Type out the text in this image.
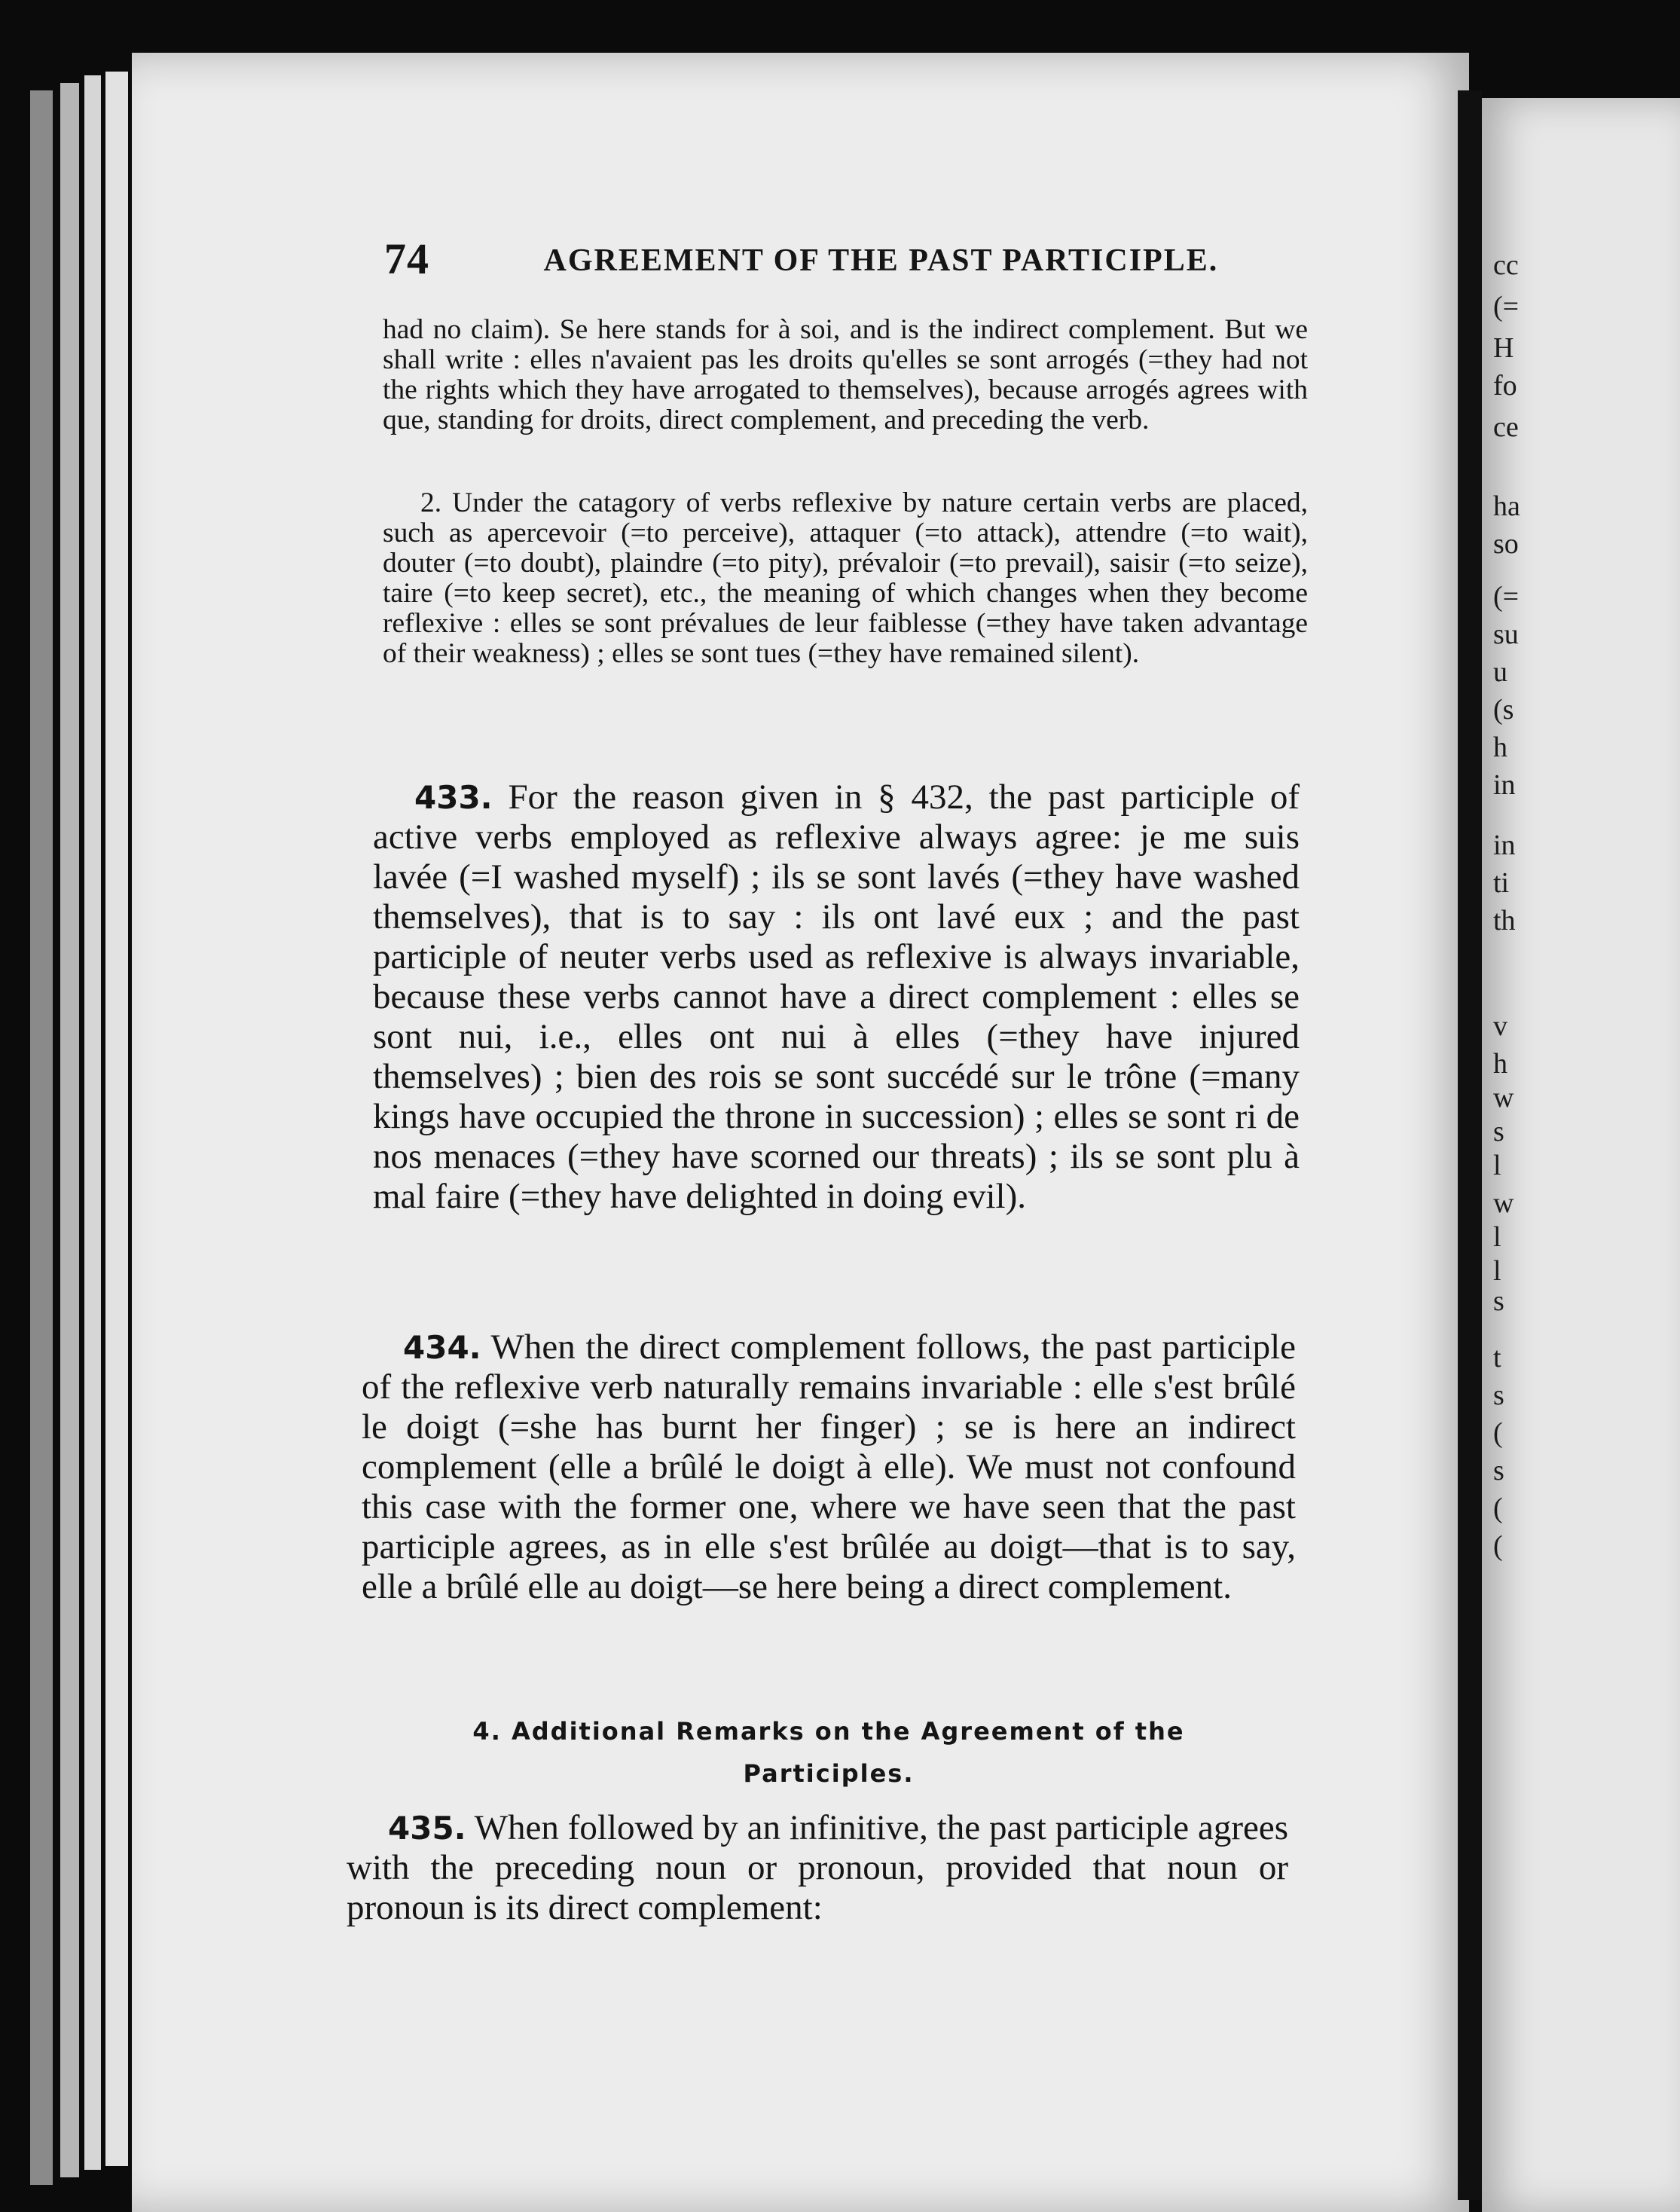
cc
(=
H
fo
ce
ha
so
(=
su
u
(s
h
in
in
ti
th
v
h
w
s
l
w
l
l
s
t
s
(
s
(
(
74	AGREEMENT OF THE PAST PARTICIPLE.

had no claim). Se here stands for à soi, and is the indirect complement. But we shall write : elles n'avaient pas les droits qu'elles se sont arrogés (=they had not the rights which they have arrogated to themselves), because arrogés agrees with que, standing for droits, direct complement, and preceding the verb.

2. Under the catagory of verbs reflexive by nature certain verbs are placed, such as apercevoir (=to perceive), attaquer (=to attack), attendre (=to wait), douter (=to doubt), plaindre (=to pity), prévaloir (=to prevail), saisir (=to seize), taire (=to keep secret), etc., the meaning of which changes when they become reflexive : elles se sont prévalues de leur faiblesse (=they have taken advantage of their weakness) ; elles se sont tues (=they have remained silent).

433. For the reason given in § 432, the past participle of active verbs employed as reflexive always agree: je me suis lavée (=I washed myself) ; ils se sont lavés (=they have washed themselves), that is to say : ils ont lavé eux ; and the past participle of neuter verbs used as reflexive is always invariable, because these verbs cannot have a direct complement : elles se sont nui, i.e., elles ont nui à elles (=they have injured themselves) ; bien des rois se sont succédé sur le trône (=many kings have occupied the throne in succession) ; elles se sont ri de nos menaces (=they have scorned our threats) ; ils se sont plu à mal faire (=they have delighted in doing evil).

434. When the direct complement follows, the past participle of the reflexive verb naturally remains invariable : elle s'est brûlé le doigt (=she has burnt her finger) ; se is here an indirect complement (elle a brûlé le doigt à elle). We must not confound this case with the former one, where we have seen that the past participle agrees, as in elle s'est brûlée au doigt—that is to say, elle a brûlé elle au doigt—se here being a direct complement.

4. Additional Remarks on the Agreement of the
Participles.

435. When followed by an infinitive, the past participle agrees with the preceding noun or pronoun, provided that noun or pronoun is its direct complement:
